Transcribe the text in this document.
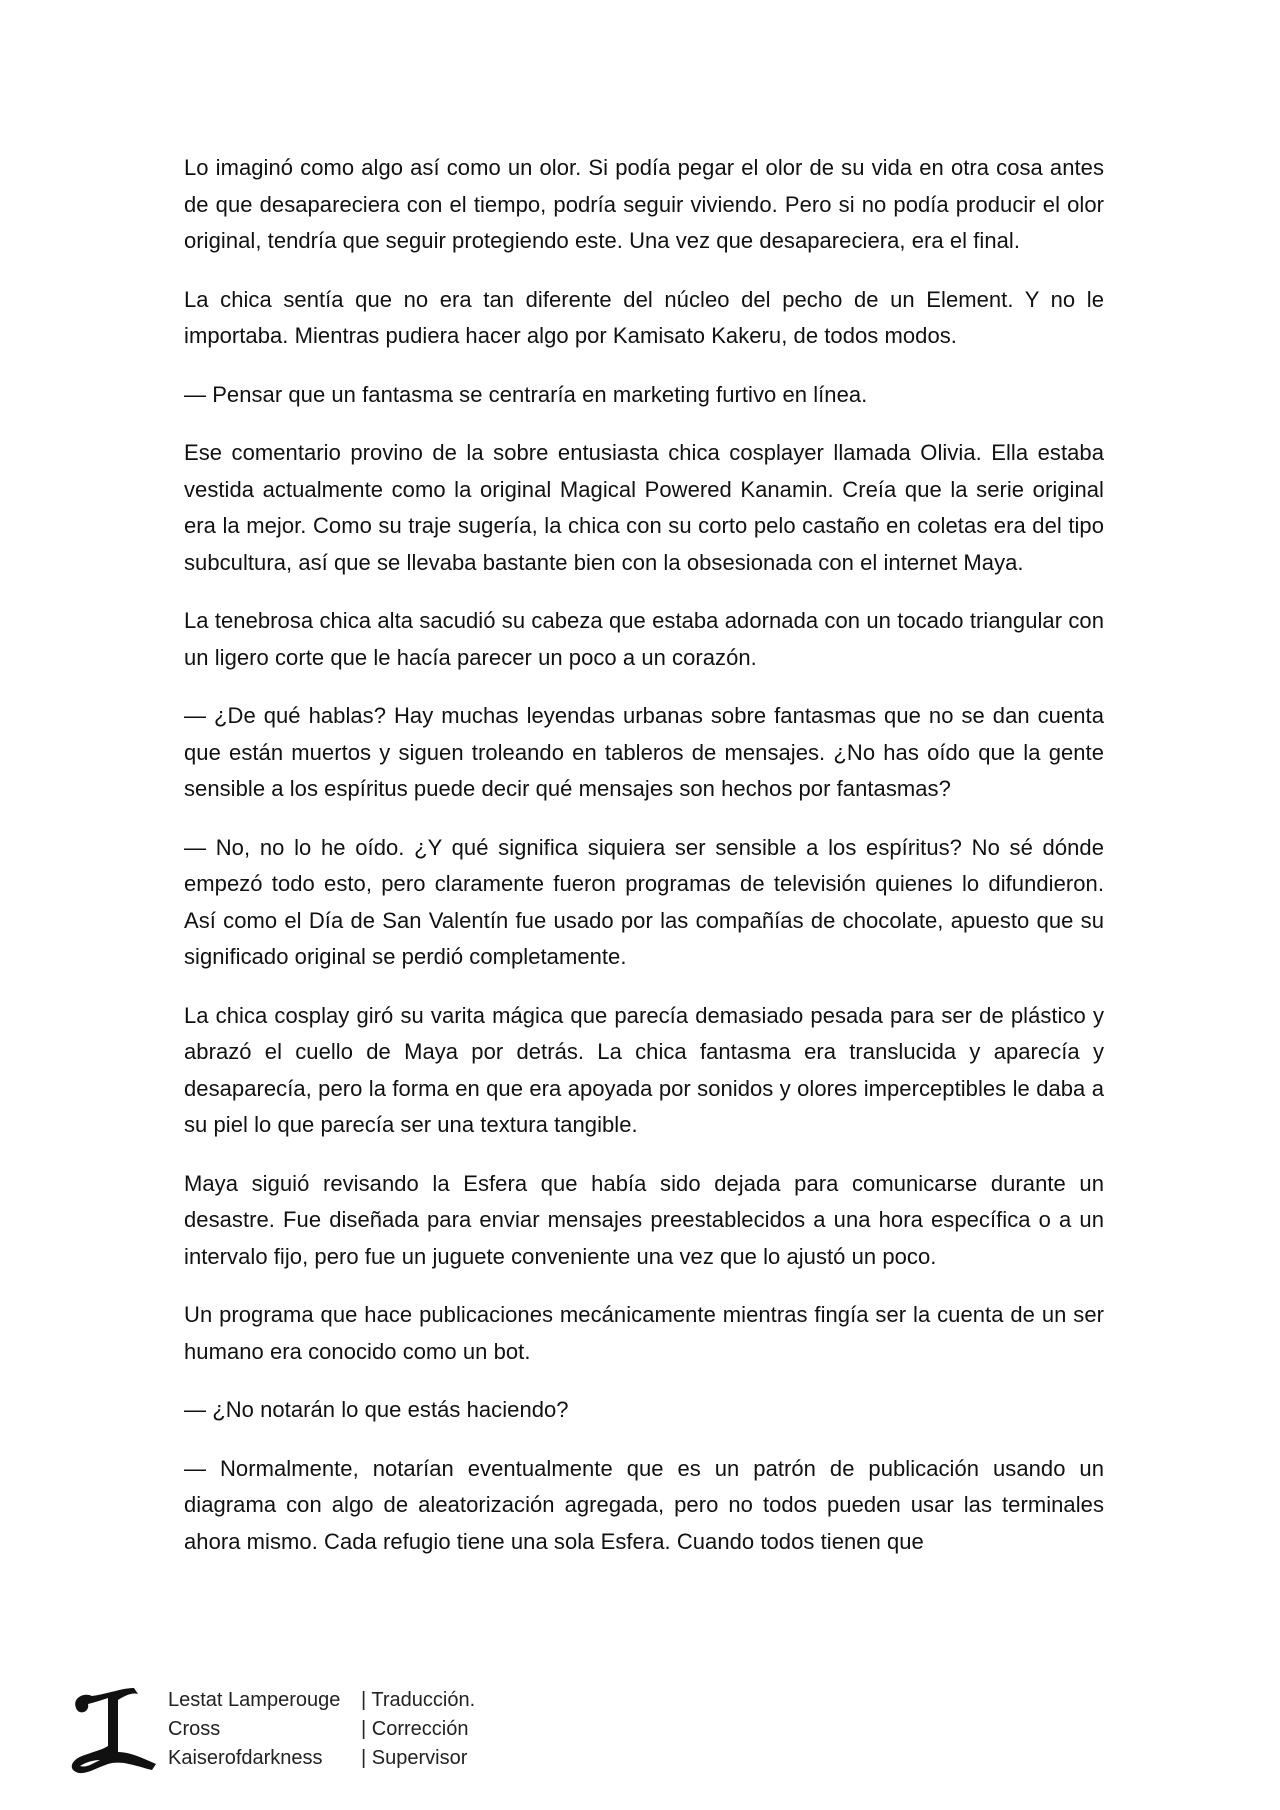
Lo imaginó como algo así como un olor. Si podía pegar el olor de su vida en otra cosa antes de que desapareciera con el tiempo, podría seguir viviendo. Pero si no podía producir el olor original, tendría que seguir protegiendo este. Una vez que desapareciera, era el final.

La chica sentía que no era tan diferente del núcleo del pecho de un Element. Y no le importaba. Mientras pudiera hacer algo por Kamisato Kakeru, de todos modos.

— Pensar que un fantasma se centraría en marketing furtivo en línea.

Ese comentario provino de la sobre entusiasta chica cosplayer llamada Olivia. Ella estaba vestida actualmente como la original Magical Powered Kanamin. Creía que la serie original era la mejor. Como su traje sugería, la chica con su corto pelo castaño en coletas era del tipo subcultura, así que se llevaba bastante bien con la obsesionada con el internet Maya.

La tenebrosa chica alta sacudió su cabeza que estaba adornada con un tocado triangular con un ligero corte que le hacía parecer un poco a un corazón.

— ¿De qué hablas? Hay muchas leyendas urbanas sobre fantasmas que no se dan cuenta que están muertos y siguen troleando en tableros de mensajes. ¿No has oído que la gente sensible a los espíritus puede decir qué mensajes son hechos por fantasmas?

— No, no lo he oído. ¿Y qué significa siquiera ser sensible a los espíritus? No sé dónde empezó todo esto, pero claramente fueron programas de televisión quienes lo difundieron. Así como el Día de San Valentín fue usado por las compañías de chocolate, apuesto que su significado original se perdió completamente.

La chica cosplay giró su varita mágica que parecía demasiado pesada para ser de plástico y abrazó el cuello de Maya por detrás. La chica fantasma era translucida y aparecía y desaparecía, pero la forma en que era apoyada por sonidos y olores imperceptibles le daba a su piel lo que parecía ser una textura tangible.

Maya siguió revisando la Esfera que había sido dejada para comunicarse durante un desastre. Fue diseñada para enviar mensajes preestablecidos a una hora específica o a un intervalo fijo, pero fue un juguete conveniente una vez que lo ajustó un poco.

Un programa que hace publicaciones mecánicamente mientras fingía ser la cuenta de un ser humano era conocido como un bot.

— ¿No notarán lo que estás haciendo?

— Normalmente, notarían eventualmente que es un patrón de publicación usando un diagrama con algo de aleatorización agregada, pero no todos pueden usar las terminales ahora mismo. Cada refugio tiene una sola Esfera. Cuando todos tienen que

Lestat Lamperouge	| Traducción.
Cross	| Corrección
Kaiserofdarkness	| Supervisor
